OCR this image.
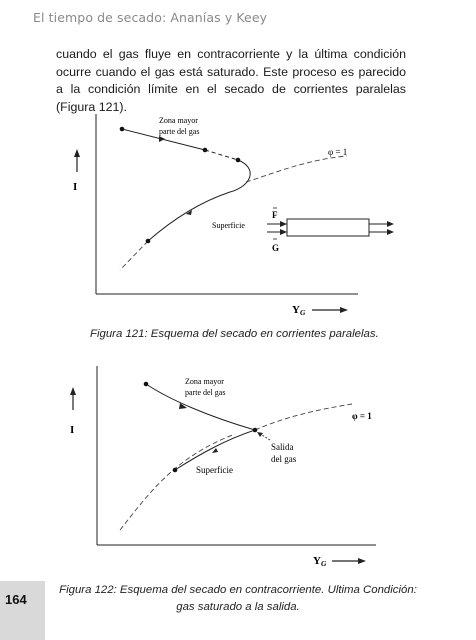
El tiempo de secado: Ananías y Keey
cuando el gas fluye en contracorriente y la última condición ocurre cuando el gas está saturado. Este proceso es parecido a la condición límite en el secado de corrientes paralelas (Figura 121).
I
YG
Zona mayor
parte del gas
φ = 1
Superficie
F
G
Figura 121: Esquema del secado en corrientes paralelas.
I
YG
Zona mayor
parte del gas
φ = 1
Salida
del gas
Superficie
Figura 122: Esquema del secado en contracorriente. Ultima Condición:
gas saturado a la salida.
164
